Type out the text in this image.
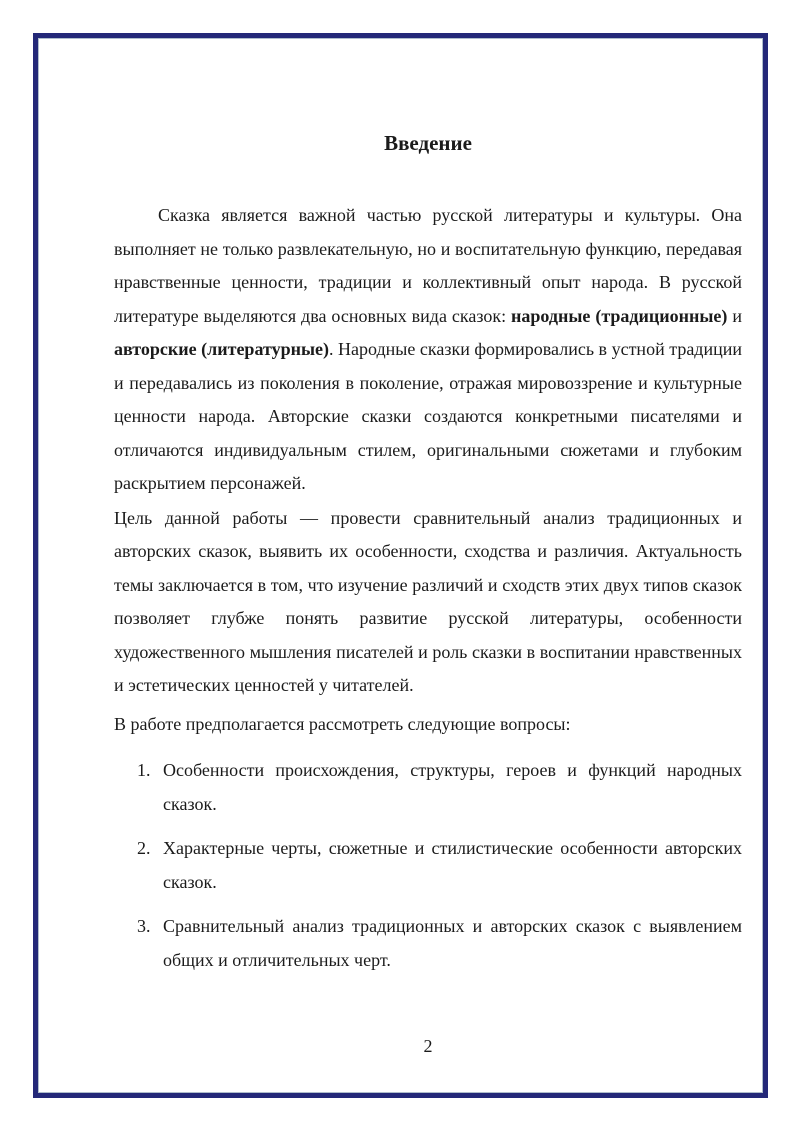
Введение

Сказка является важной частью русской литературы и культуры. Она выполняет не только развлекательную, но и воспитательную функцию, передавая нравственные ценности, традиции и коллективный опыт народа. В русской литературе выделяются два основных вида сказок: народные (традиционные) и авторские (литературные). Народные сказки формировались в устной традиции и передавались из поколения в поколение, отражая мировоззрение и культурные ценности народа. Авторские сказки создаются конкретными писателями и отличаются индивидуальным стилем, оригинальными сюжетами и глубоким раскрытием персонажей.

Цель данной работы — провести сравнительный анализ традиционных и авторских сказок, выявить их особенности, сходства и различия. Актуальность темы заключается в том, что изучение различий и сходств этих двух типов сказок позволяет глубже понять развитие русской литературы, особенности художественного мышления писателей и роль сказки в воспитании нравственных и эстетических ценностей у читателей.

В работе предполагается рассмотреть следующие вопросы:

1. Особенности происхождения, структуры, героев и функций народных сказок.
2. Характерные черты, сюжетные и стилистические особенности авторских сказок.
3. Сравнительный анализ традиционных и авторских сказок с выявлением общих и отличительных черт.
2
